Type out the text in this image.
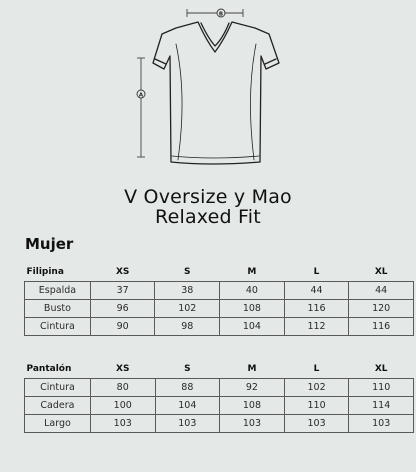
B
A
V Oversize y Mao
Relaxed Fit
Mujer
Filipina	XS	S	M	L	XL
Espalda	37	38	40	44	44
Busto	96	102	108	116	120
Cintura	90	98	104	112	116
Pantalón	XS	S	M	L	XL
Cintura	80	88	92	102	110
Cadera	100	104	108	110	114
Largo	103	103	103	103	103
